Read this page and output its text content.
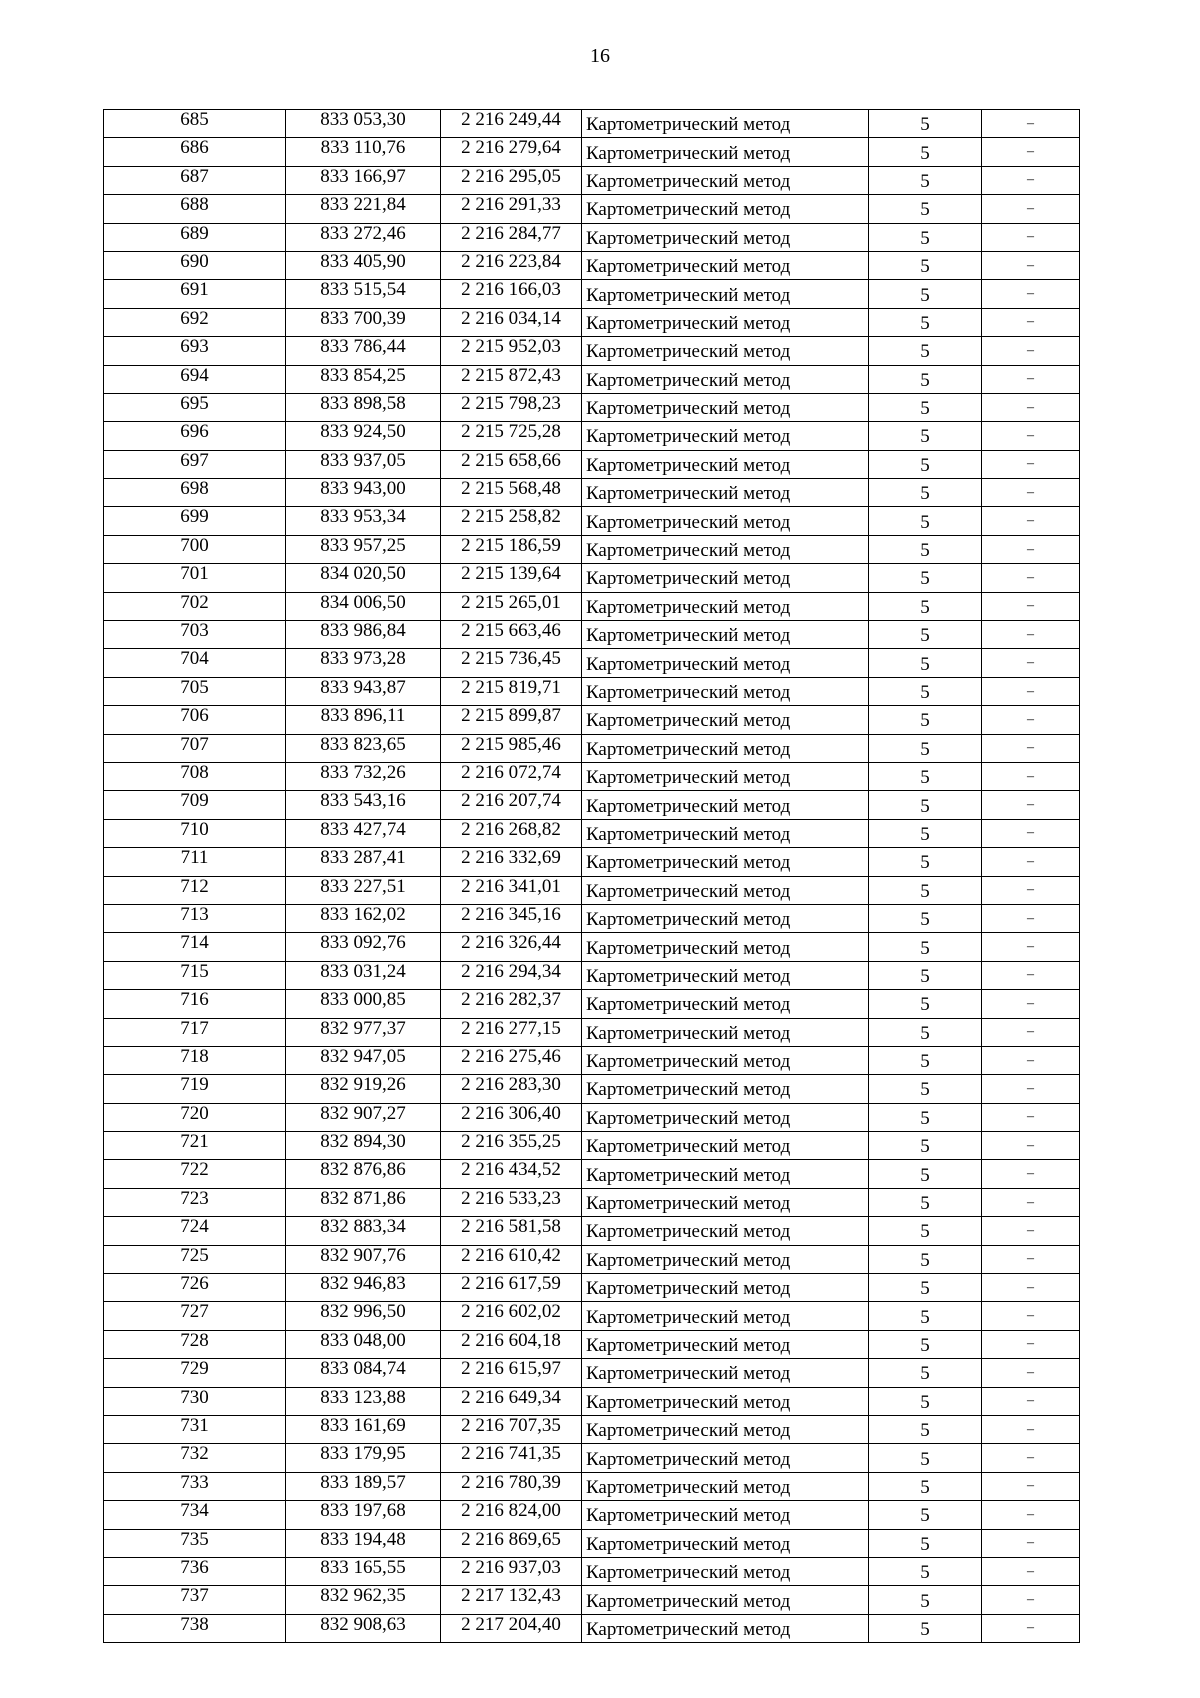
16
685	833 053,30	2 216 249,44	Картометрический метод	5	–
686	833 110,76	2 216 279,64	Картометрический метод	5	–
687	833 166,97	2 216 295,05	Картометрический метод	5	–
688	833 221,84	2 216 291,33	Картометрический метод	5	–
689	833 272,46	2 216 284,77	Картометрический метод	5	–
690	833 405,90	2 216 223,84	Картометрический метод	5	–
691	833 515,54	2 216 166,03	Картометрический метод	5	–
692	833 700,39	2 216 034,14	Картометрический метод	5	–
693	833 786,44	2 215 952,03	Картометрический метод	5	–
694	833 854,25	2 215 872,43	Картометрический метод	5	–
695	833 898,58	2 215 798,23	Картометрический метод	5	–
696	833 924,50	2 215 725,28	Картометрический метод	5	–
697	833 937,05	2 215 658,66	Картометрический метод	5	–
698	833 943,00	2 215 568,48	Картометрический метод	5	–
699	833 953,34	2 215 258,82	Картометрический метод	5	–
700	833 957,25	2 215 186,59	Картометрический метод	5	–
701	834 020,50	2 215 139,64	Картометрический метод	5	–
702	834 006,50	2 215 265,01	Картометрический метод	5	–
703	833 986,84	2 215 663,46	Картометрический метод	5	–
704	833 973,28	2 215 736,45	Картометрический метод	5	–
705	833 943,87	2 215 819,71	Картометрический метод	5	–
706	833 896,11	2 215 899,87	Картометрический метод	5	–
707	833 823,65	2 215 985,46	Картометрический метод	5	–
708	833 732,26	2 216 072,74	Картометрический метод	5	–
709	833 543,16	2 216 207,74	Картометрический метод	5	–
710	833 427,74	2 216 268,82	Картометрический метод	5	–
711	833 287,41	2 216 332,69	Картометрический метод	5	–
712	833 227,51	2 216 341,01	Картометрический метод	5	–
713	833 162,02	2 216 345,16	Картометрический метод	5	–
714	833 092,76	2 216 326,44	Картометрический метод	5	–
715	833 031,24	2 216 294,34	Картометрический метод	5	–
716	833 000,85	2 216 282,37	Картометрический метод	5	–
717	832 977,37	2 216 277,15	Картометрический метод	5	–
718	832 947,05	2 216 275,46	Картометрический метод	5	–
719	832 919,26	2 216 283,30	Картометрический метод	5	–
720	832 907,27	2 216 306,40	Картометрический метод	5	–
721	832 894,30	2 216 355,25	Картометрический метод	5	–
722	832 876,86	2 216 434,52	Картометрический метод	5	–
723	832 871,86	2 216 533,23	Картометрический метод	5	–
724	832 883,34	2 216 581,58	Картометрический метод	5	–
725	832 907,76	2 216 610,42	Картометрический метод	5	–
726	832 946,83	2 216 617,59	Картометрический метод	5	–
727	832 996,50	2 216 602,02	Картометрический метод	5	–
728	833 048,00	2 216 604,18	Картометрический метод	5	–
729	833 084,74	2 216 615,97	Картометрический метод	5	–
730	833 123,88	2 216 649,34	Картометрический метод	5	–
731	833 161,69	2 216 707,35	Картометрический метод	5	–
732	833 179,95	2 216 741,35	Картометрический метод	5	–
733	833 189,57	2 216 780,39	Картометрический метод	5	–
734	833 197,68	2 216 824,00	Картометрический метод	5	–
735	833 194,48	2 216 869,65	Картометрический метод	5	–
736	833 165,55	2 216 937,03	Картометрический метод	5	–
737	832 962,35	2 217 132,43	Картометрический метод	5	–
738	832 908,63	2 217 204,40	Картометрический метод	5	–
